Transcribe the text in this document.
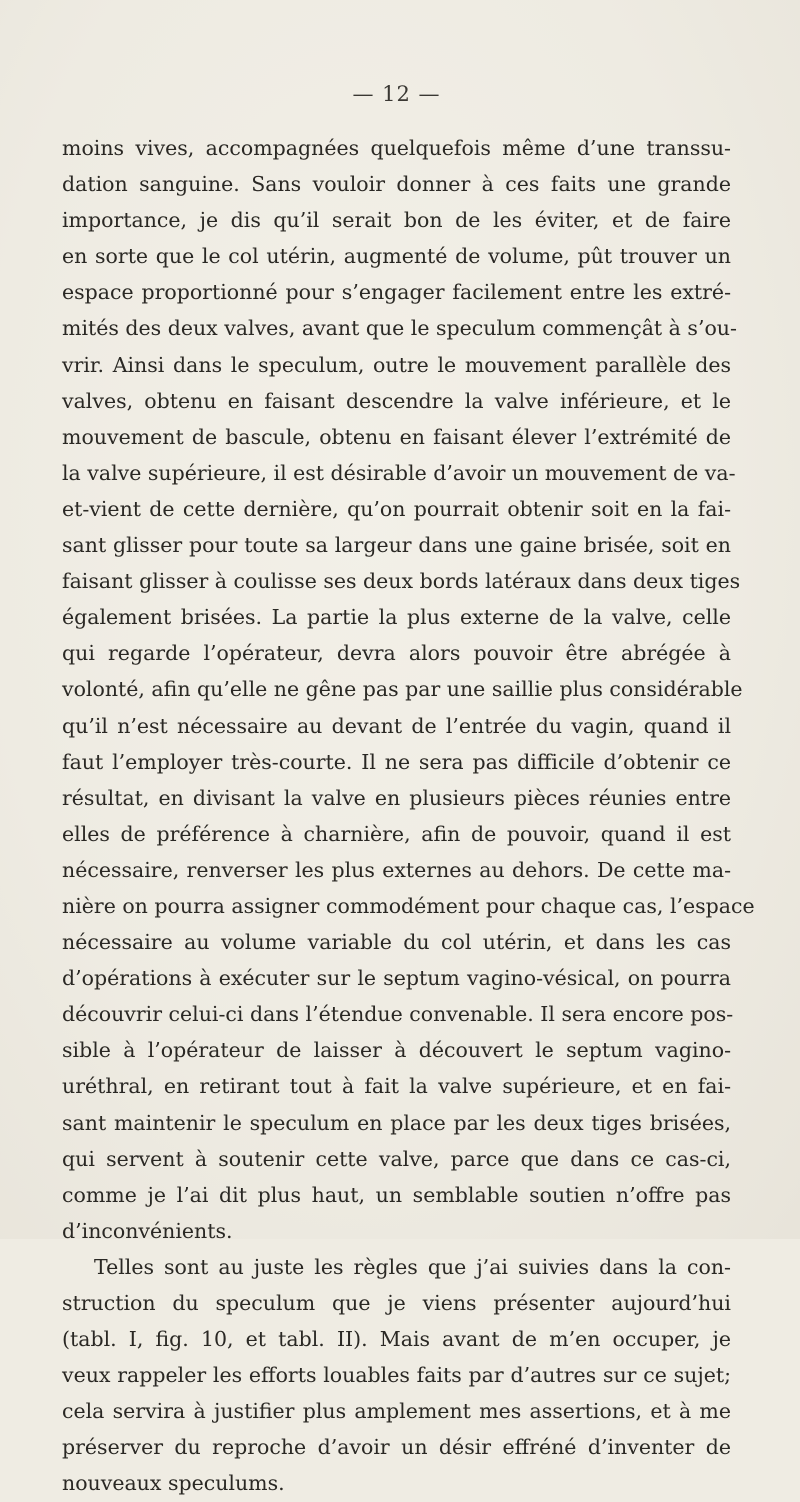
— 12 —
moins vives, accompagnées quelquefois même d’une transsu-
dation sanguine. Sans vouloir donner à ces faits une grande
importance, je dis qu’il serait bon de les éviter, et de faire
en sorte que le col utérin, augmenté de volume, pût trouver un
espace proportionné pour s’engager facilement entre les extré-
mités des deux valves, avant que le speculum commençât à s’ou-
vrir. Ainsi dans le speculum, outre le mouvement parallèle des
valves, obtenu en faisant descendre la valve inférieure, et le
mouvement de bascule, obtenu en faisant élever l’extrémité de
la valve supérieure, il est désirable d’avoir un mouvement de va-
et-vient de cette dernière, qu’on pourrait obtenir soit en la fai-
sant glisser pour toute sa largeur dans une gaine brisée, soit en
faisant glisser à coulisse ses deux bords latéraux dans deux tiges
également brisées. La partie la plus externe de la valve, celle
qui regarde l’opérateur, devra alors pouvoir être abrégée à
volonté, afin qu’elle ne gêne pas par une saillie plus considérable
qu’il n’est nécessaire au devant de l’entrée du vagin, quand il
faut l’employer très-courte. Il ne sera pas difficile d’obtenir ce
résultat, en divisant la valve en plusieurs pièces réunies entre
elles de préférence à charnière, afin de pouvoir, quand il est
nécessaire, renverser les plus externes au dehors. De cette ma-
nière on pourra assigner commodément pour chaque cas, l’espace
nécessaire au volume variable du col utérin, et dans les cas
d’opérations à exécuter sur le septum vagino-vésical, on pourra
découvrir celui-ci dans l’étendue convenable. Il sera encore pos-
sible à l’opérateur de laisser à découvert le septum vagino-
uréthral, en retirant tout à fait la valve supérieure, et en fai-
sant maintenir le speculum en place par les deux tiges brisées,
qui servent à soutenir cette valve, parce que dans ce cas-ci,
comme je l’ai dit plus haut, un semblable soutien n’offre pas
d’inconvénients.
Telles sont au juste les règles que j’ai suivies dans la con-
struction du speculum que je viens présenter aujourd’hui
(tabl. I, fig. 10, et tabl. II). Mais avant de m’en occuper, je
veux rappeler les efforts louables faits par d’autres sur ce sujet;
cela servira à justifier plus amplement mes assertions, et à me
préserver du reproche d’avoir un désir effréné d’inventer de
nouveaux speculums.
